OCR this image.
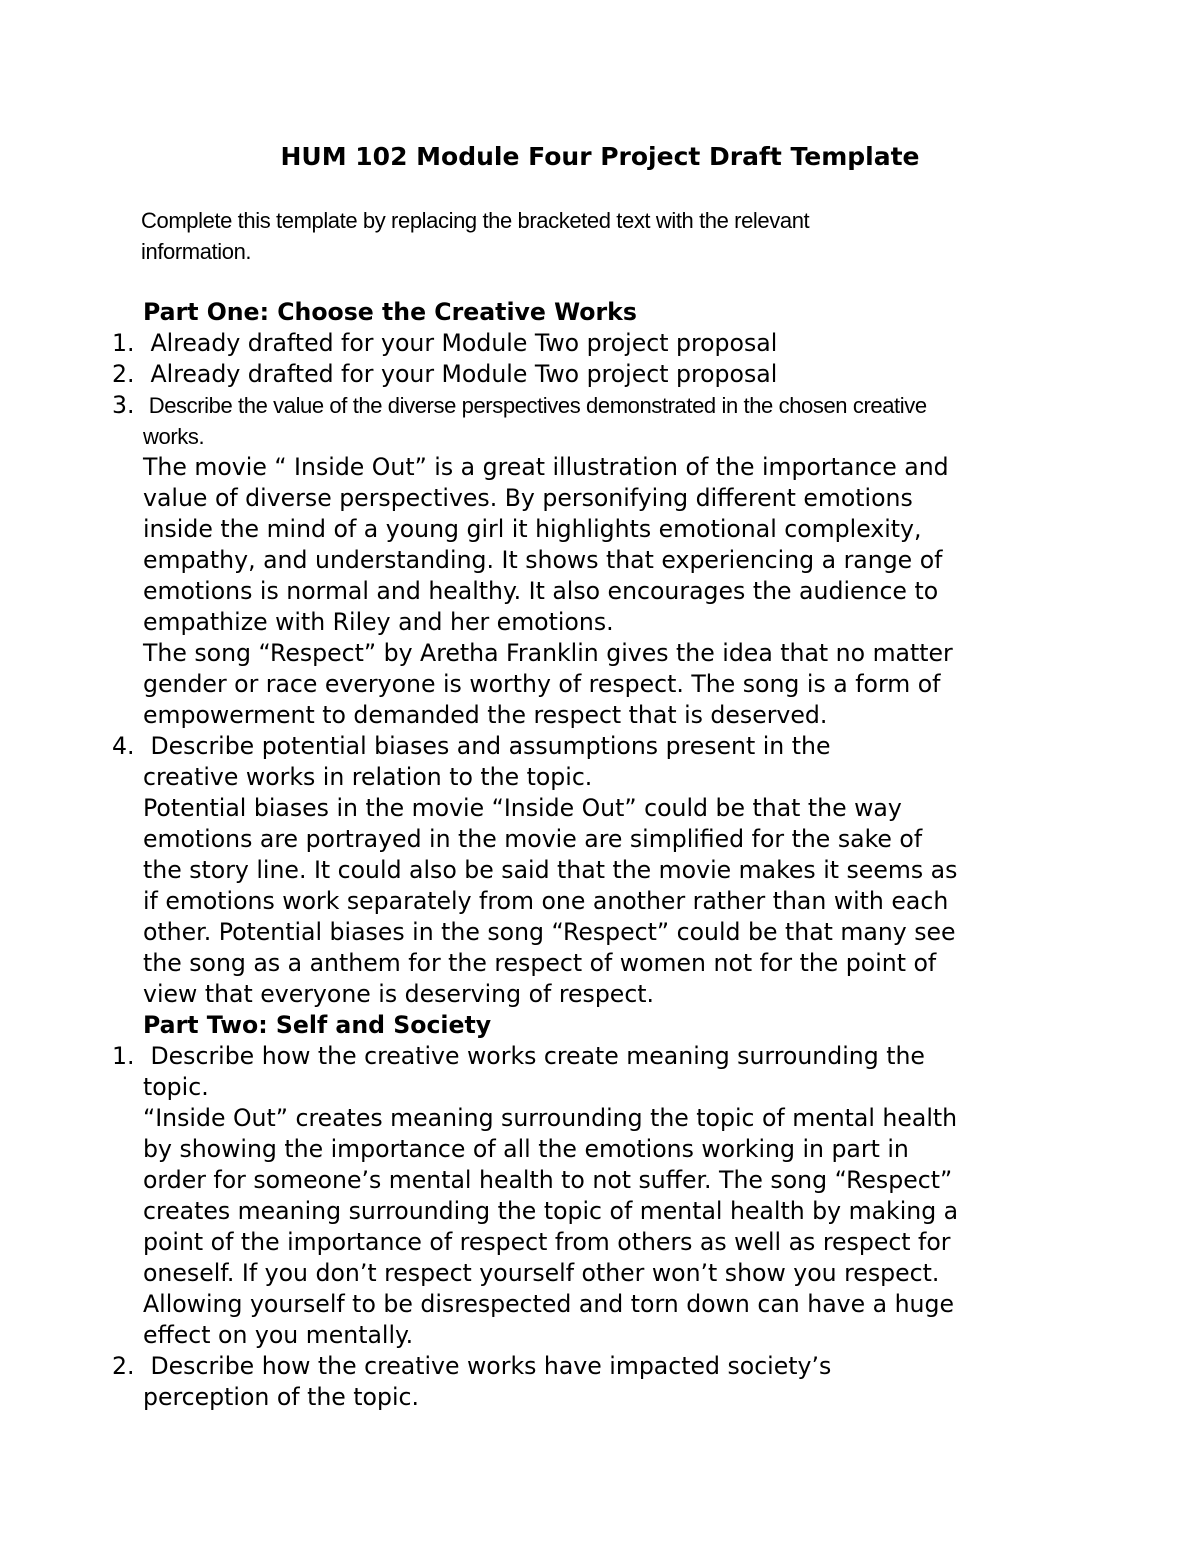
HUM 102 Module Four Project Draft Template
Complete this template by replacing the bracketed text with the relevant
information.
Part One: Choose the Creative Works
1. Already drafted for your Module Two project proposal
2. Already drafted for your Module Two project proposal
3. Describe the value of the diverse perspectives demonstrated in the chosen creative
works.
The movie “ Inside Out” is a great illustration of the importance and
value of diverse perspectives. By personifying different emotions
inside the mind of a young girl it highlights emotional complexity,
empathy, and understanding. It shows that experiencing a range of
emotions is normal and healthy. It also encourages the audience to
empathize with Riley and her emotions.
The song “Respect” by Aretha Franklin gives the idea that no matter
gender or race everyone is worthy of respect. The song is a form of
empowerment to demanded the respect that is deserved.
4. Describe potential biases and assumptions present in the
creative works in relation to the topic.
Potential biases in the movie “Inside Out” could be that the way
emotions are portrayed in the movie are simplified for the sake of
the story line. It could also be said that the movie makes it seems as
if emotions work separately from one another rather than with each
other. Potential biases in the song “Respect” could be that many see
the song as a anthem for the respect of women not for the point of
view that everyone is deserving of respect.
Part Two: Self and Society
1. Describe how the creative works create meaning surrounding the
topic.
“Inside Out” creates meaning surrounding the topic of mental health
by showing the importance of all the emotions working in part in
order for someone’s mental health to not suffer. The song “Respect”
creates meaning surrounding the topic of mental health by making a
point of the importance of respect from others as well as respect for
oneself. If you don’t respect yourself other won’t show you respect.
Allowing yourself to be disrespected and torn down can have a huge
effect on you mentally.
2. Describe how the creative works have impacted society’s
perception of the topic.
